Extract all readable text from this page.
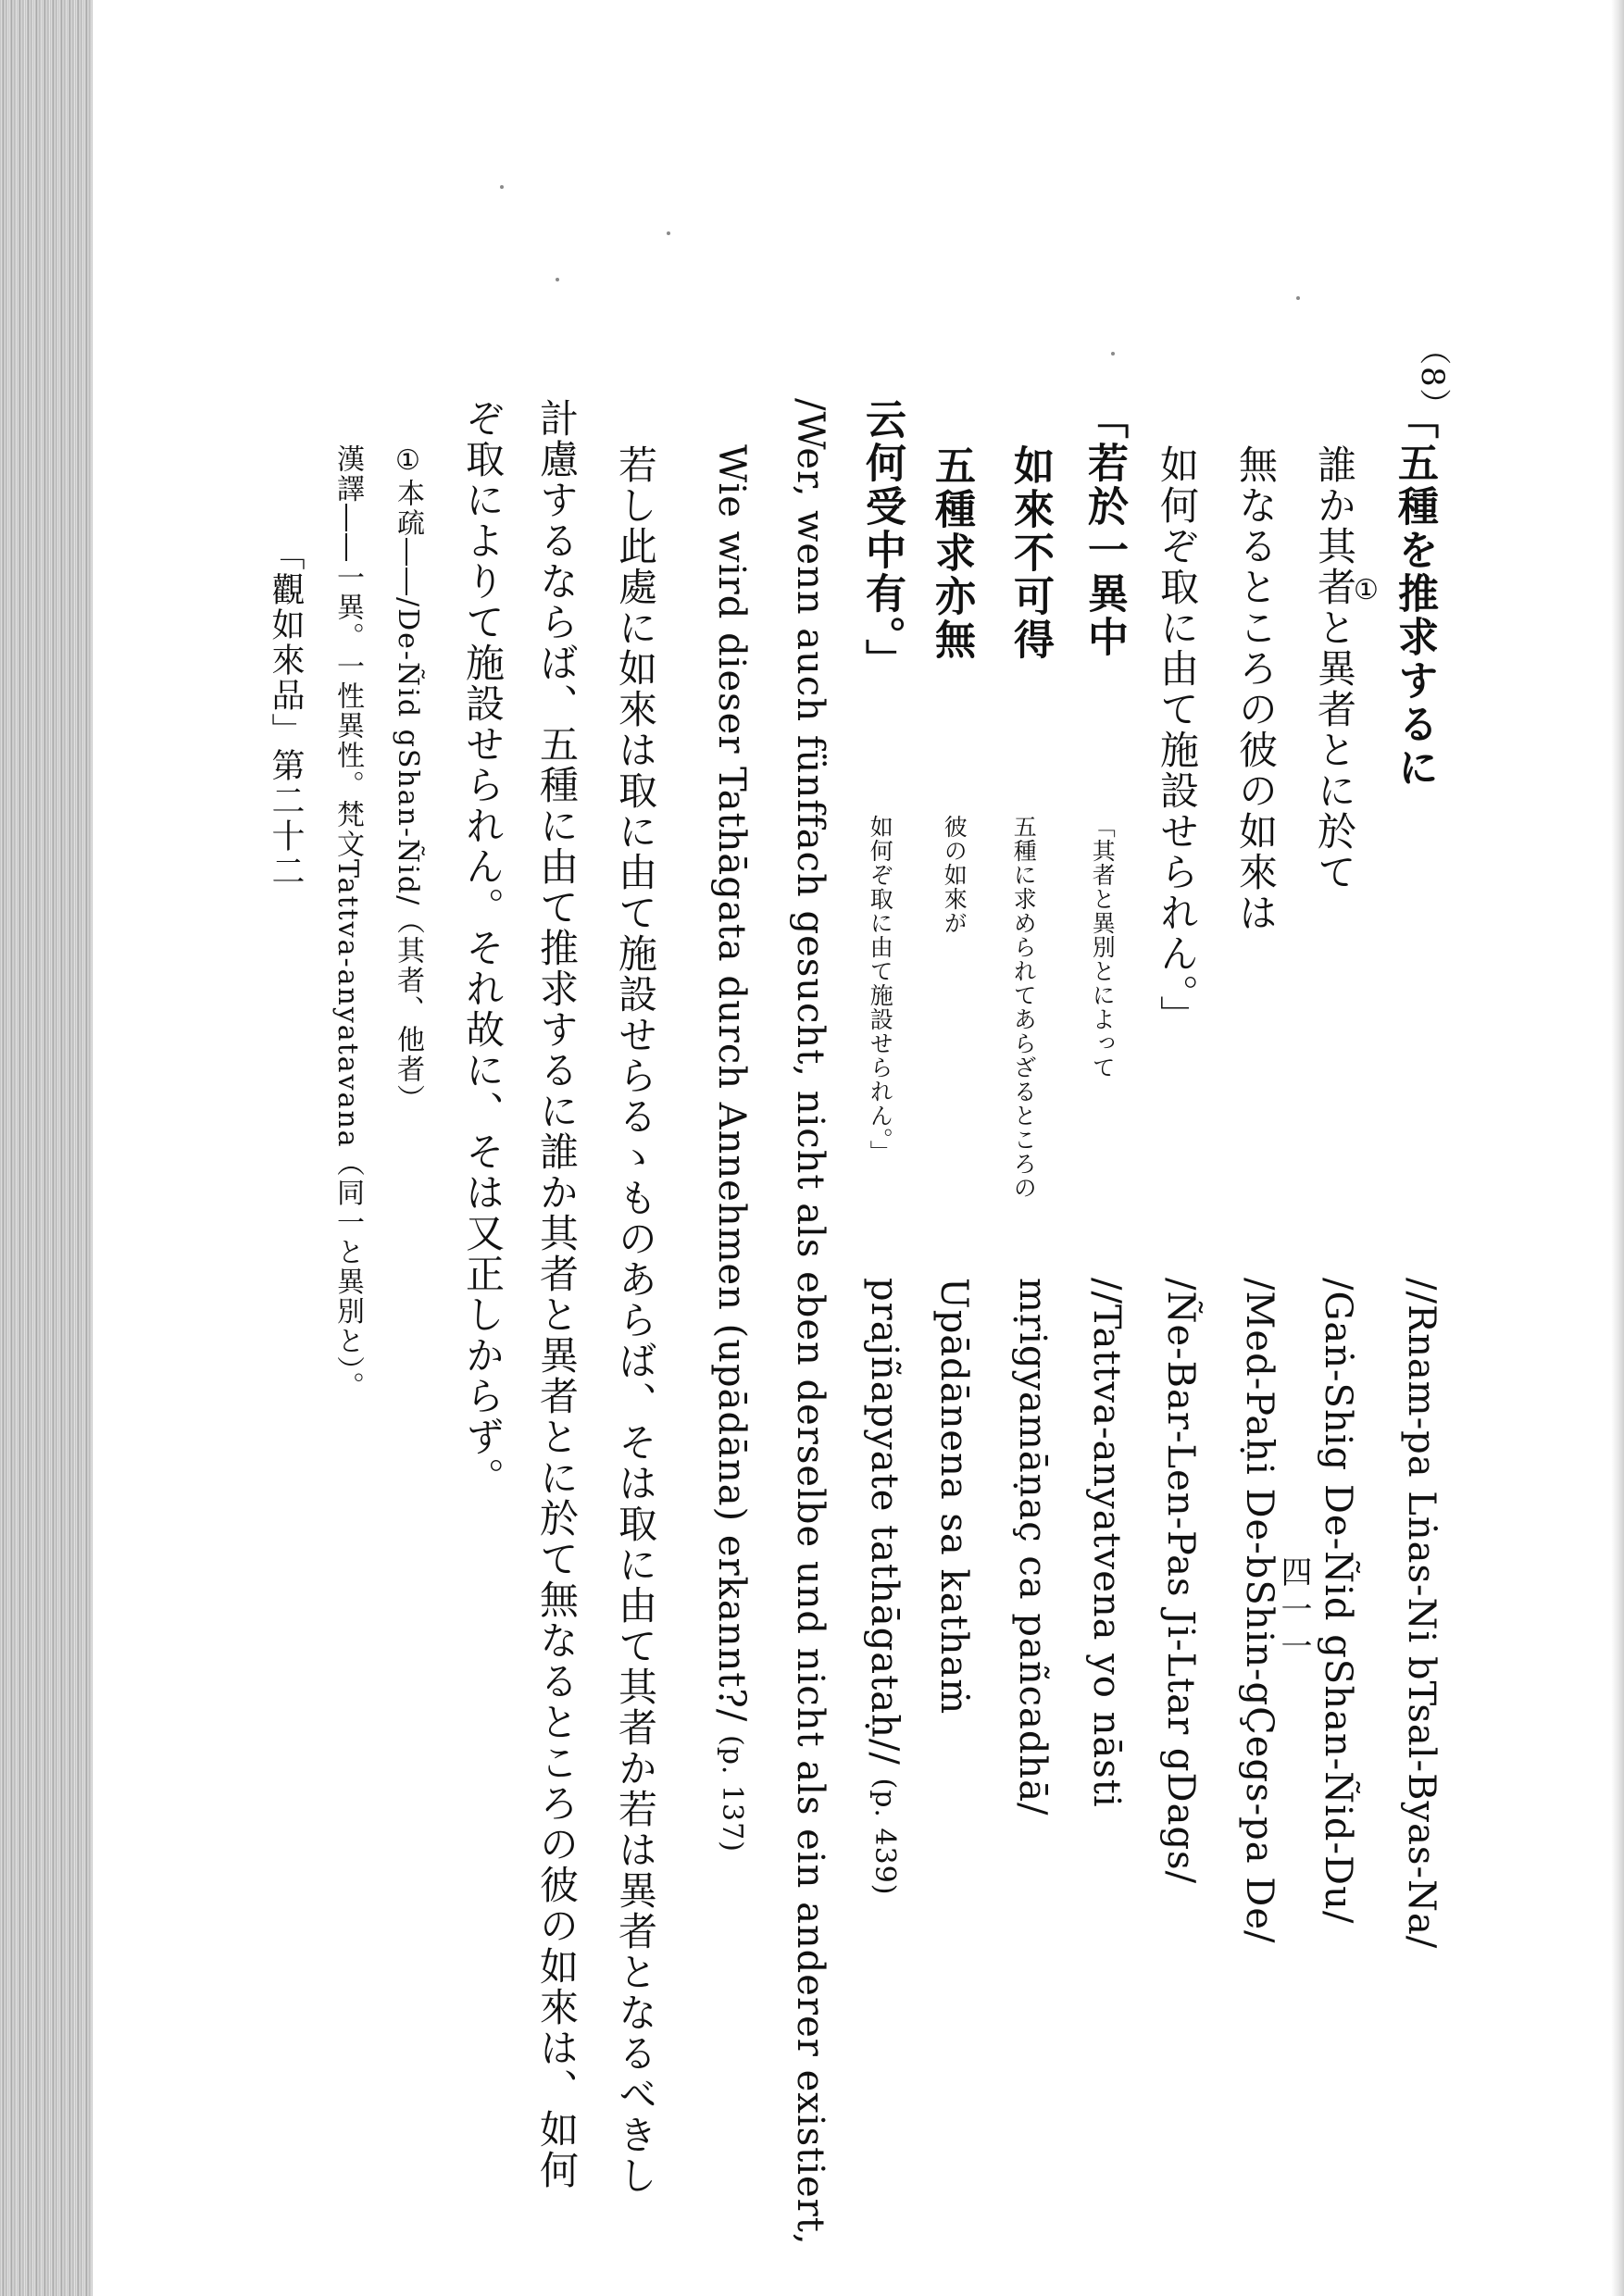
「觀如來品」第二十二
漢譯――一異。一性異性。梵文Tattva-anyatavana（同一と異別と）。
①本疏――/De-Ñid gShan-Ñid/（其者、他者） ぞ取によりて施設せられん。それ故に、そは又正しからず。 計慮するならば、五種に由て推求するに誰か其者と異者とに於て無なるところの彼の如來は、如何 若し此處に如來は取に由て施設せらるゝものあらば、そは取に由て其者か若は異者となるべきし Wie wird dieser Tathāgata durch Annehmen (upādāna) erkannt?/ (p. 137) /Wer, wenn auch fünffach gesucht, nicht als eben derselbe und nicht als ein anderer existiert, 云何受中有。」
如何ぞ取に由て施設せられん。」
prajñapyate tathāgataḥ// (p. 439)
五種求亦無
彼の如來が
Upādānena sa kathaṁ
如來不可得
五種に求められてあらざるところの
mṛigyamāṇaç ca pañcadhā/
「若於一異中
「其者と異別とによって
//Tattva-anyatvena yo nāsti
如何ぞ取に由て施設せられん。」
/Ñe-Bar-Len-Pas Ji-Ltar gDags/
無なるところの彼の如來は
/Med-Paḥi De-bShin-gÇegs-pa De/
誰か其者と異者とに於て
①
/Gaṅ-Shig De-Ñid gShan-Ñid-Du/
「五種を推求するに
//Rnam-pa Lṅas-Ni bTsal-Byas-Na/
（8）
四一一
